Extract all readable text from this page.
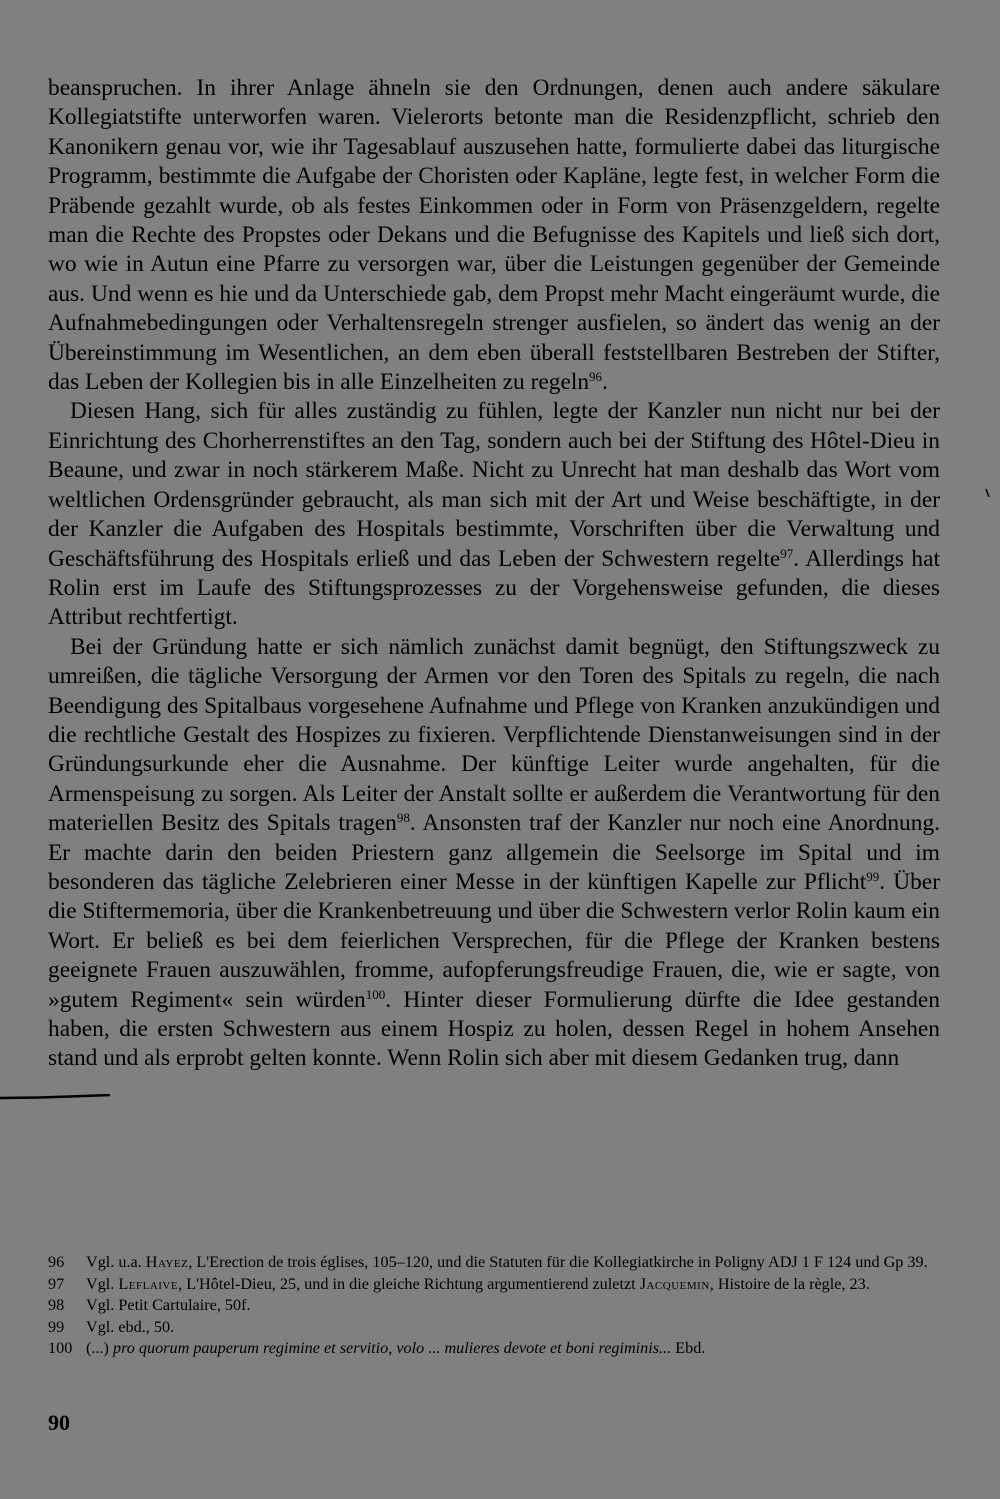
beanspruchen. In ihrer Anlage ähneln sie den Ordnungen, denen auch andere säkulare Kollegiatstifte unterworfen waren. Vielerorts betonte man die Residenzpflicht, schrieb den Kanonikern genau vor, wie ihr Tagesablauf auszusehen hatte, formulierte dabei das liturgische Programm, bestimmte die Aufgabe der Choristen oder Kapläne, legte fest, in welcher Form die Präbende gezahlt wurde, ob als festes Einkommen oder in Form von Präsenzgeldern, regelte man die Rechte des Propstes oder Dekans und die Befugnisse des Kapitels und ließ sich dort, wo wie in Autun eine Pfarre zu versorgen war, über die Leistungen gegenüber der Gemeinde aus. Und wenn es hie und da Unterschiede gab, dem Propst mehr Macht eingeräumt wurde, die Aufnahmebedingungen oder Verhaltensregeln strenger ausfielen, so ändert das wenig an der Übereinstimmung im Wesentlichen, an dem eben überall feststellbaren Bestreben der Stifter, das Leben der Kollegien bis in alle Einzelheiten zu regeln$^{96}$.

Diesen Hang, sich für alles zuständig zu fühlen, legte der Kanzler nun nicht nur bei der Einrichtung des Chorherrenstiftes an den Tag, sondern auch bei der Stiftung des Hôtel-Dieu in Beaune, und zwar in noch stärkerem Maße. Nicht zu Unrecht hat man deshalb das Wort vom weltlichen Ordensgründer gebraucht, als man sich mit der Art und Weise beschäftigte, in der der Kanzler die Aufgaben des Hospitals bestimmte, Vorschriften über die Verwaltung und Geschäftsführung des Hospitals erließ und das Leben der Schwestern regelte$^{97}$. Allerdings hat Rolin erst im Laufe des Stiftungsprozesses zu der Vorgehensweise gefunden, die dieses Attribut rechtfertigt.

Bei der Gründung hatte er sich nämlich zunächst damit begnügt, den Stiftungszweck zu umreißen, die tägliche Versorgung der Armen vor den Toren des Spitals zu regeln, die nach Beendigung des Spitalbaus vorgesehene Aufnahme und Pflege von Kranken anzukündigen und die rechtliche Gestalt des Hospizes zu fixieren. Verpflichtende Dienstanweisungen sind in der Gründungsurkunde eher die Ausnahme. Der künftige Leiter wurde angehalten, für die Armenspeisung zu sorgen. Als Leiter der Anstalt sollte er außerdem die Verantwortung für den materiellen Besitz des Spitals tragen$^{98}$. Ansonsten traf der Kanzler nur noch eine Anordnung. Er machte darin den beiden Priestern ganz allgemein die Seelsorge im Spital und im besonderen das tägliche Zelebrieren einer Messe in der künftigen Kapelle zur Pflicht$^{99}$. Über die Stiftermemoria, über die Krankenbetreuung und über die Schwestern verlor Rolin kaum ein Wort. Er beließ es bei dem feierlichen Versprechen, für die Pflege der Kranken bestens geeignete Frauen auszuwählen, fromme, aufopferungsfreudige Frauen, die, wie er sagte, von »gutem Regiment« sein würden$^{100}$. Hinter dieser Formulierung dürfte die Idee gestanden haben, die ersten Schwestern aus einem Hospiz zu holen, dessen Regel in hohem Ansehen stand und als erprobt gelten konnte. Wenn Rolin sich aber mit diesem Gedanken trug, dann

96	Vgl. u.a. Hayez, L'Erection de trois églises, 105–120, und die Statuten für die Kollegiatkirche in Poligny ADJ 1 F 124 und Gp 39.
97	Vgl. Leflaive, L'Hôtel-Dieu, 25, und in die gleiche Richtung argumentierend zuletzt Jacquemin, Histoire de la règle, 23.
98	Vgl. Petit Cartulaire, 50f.
99	Vgl. ebd., 50.
100 (...) pro quorum pauperum regimine et servitio, volo ... mulieres devote et boni regiminis... Ebd.
90
